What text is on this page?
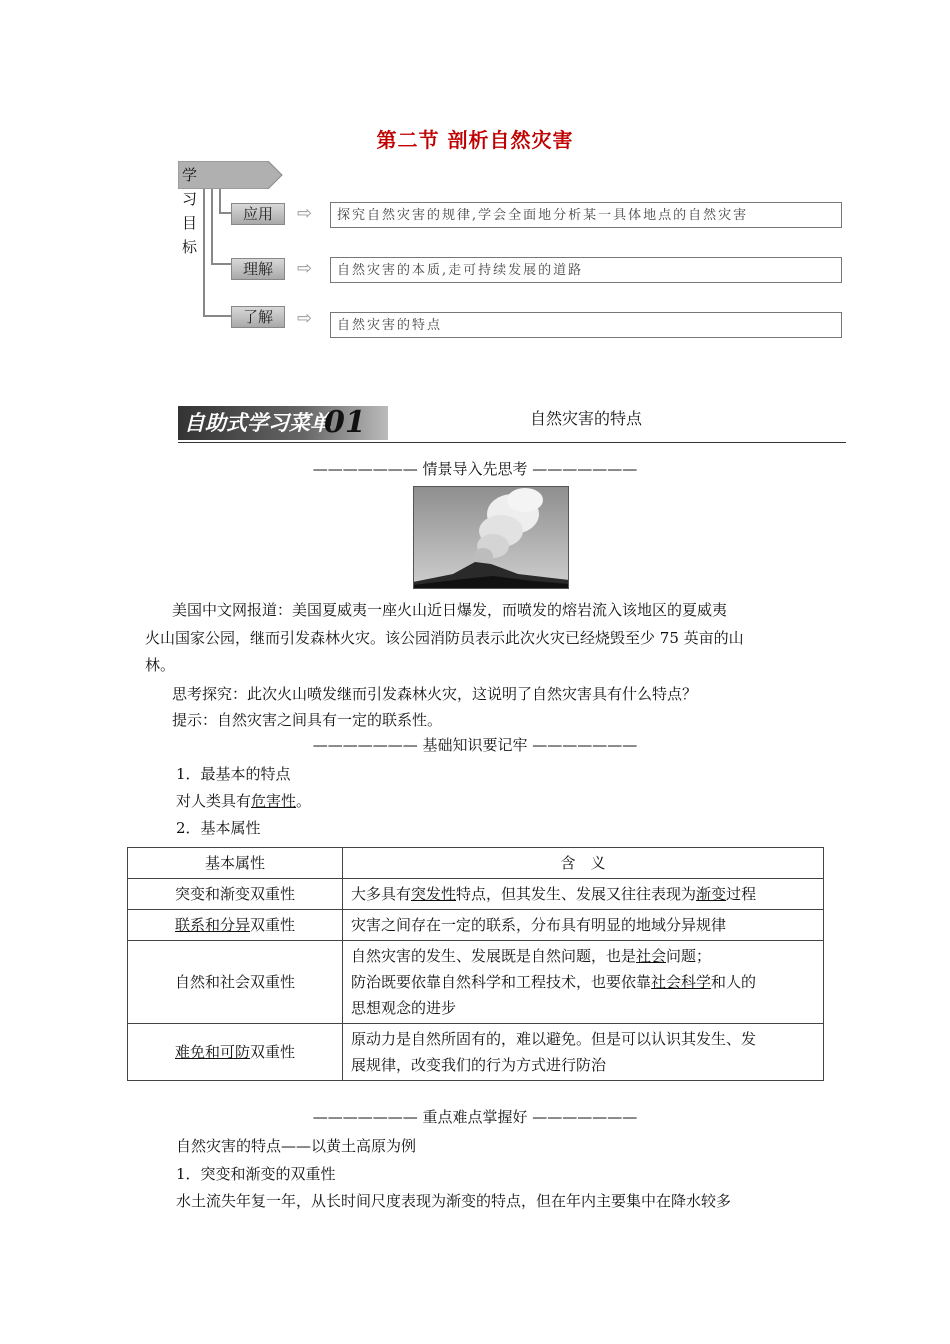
第二节 剖析自然灾害
学习目标
应用	⇨	探究自然灾害的规律,学会全面地分析某一具体地点的自然灾害
理解	⇨	自然灾害的本质,走可持续发展的道路
了解	⇨	自然灾害的特点
自助式学习菜单
01	自然灾害的特点
——————— 情景导入先思考 ———————
美国中文网报道：美国夏威夷一座火山近日爆发，而喷发的熔岩流入该地区的夏威夷
火山国家公园，继而引发森林火灾。该公园消防员表示此次火灾已经烧毁至少 75 英亩的山
林。
思考探究：此次火山喷发继而引发森林火灾，这说明了自然灾害具有什么特点？
提示：自然灾害之间具有一定的联系性。
——————— 基础知识要记牢 ———————
1．最基本的特点
对人类具有危害性。
2．基本属性
基本属性	含　义
突变和渐变双重性	大多具有突发性特点，但其发生、发展又往往表现为渐变过程
联系和分异双重性	灾害之间存在一定的联系，分布具有明显的地域分异规律
自然和社会双重性	自然灾害的发生、发展既是自然问题，也是社会问题；
防治既要依靠自然科学和工程技术，也要依靠社会科学和人的
思想观念的进步
难免和可防双重性	原动力是自然所固有的，难以避免。但是可以认识其发生、发
展规律，改变我们的行为方式进行防治
——————— 重点难点掌握好 ———————
自然灾害的特点——以黄土高原为例
1．突变和渐变的双重性
水土流失年复一年，从长时间尺度表现为渐变的特点，但在年内主要集中在降水较多
